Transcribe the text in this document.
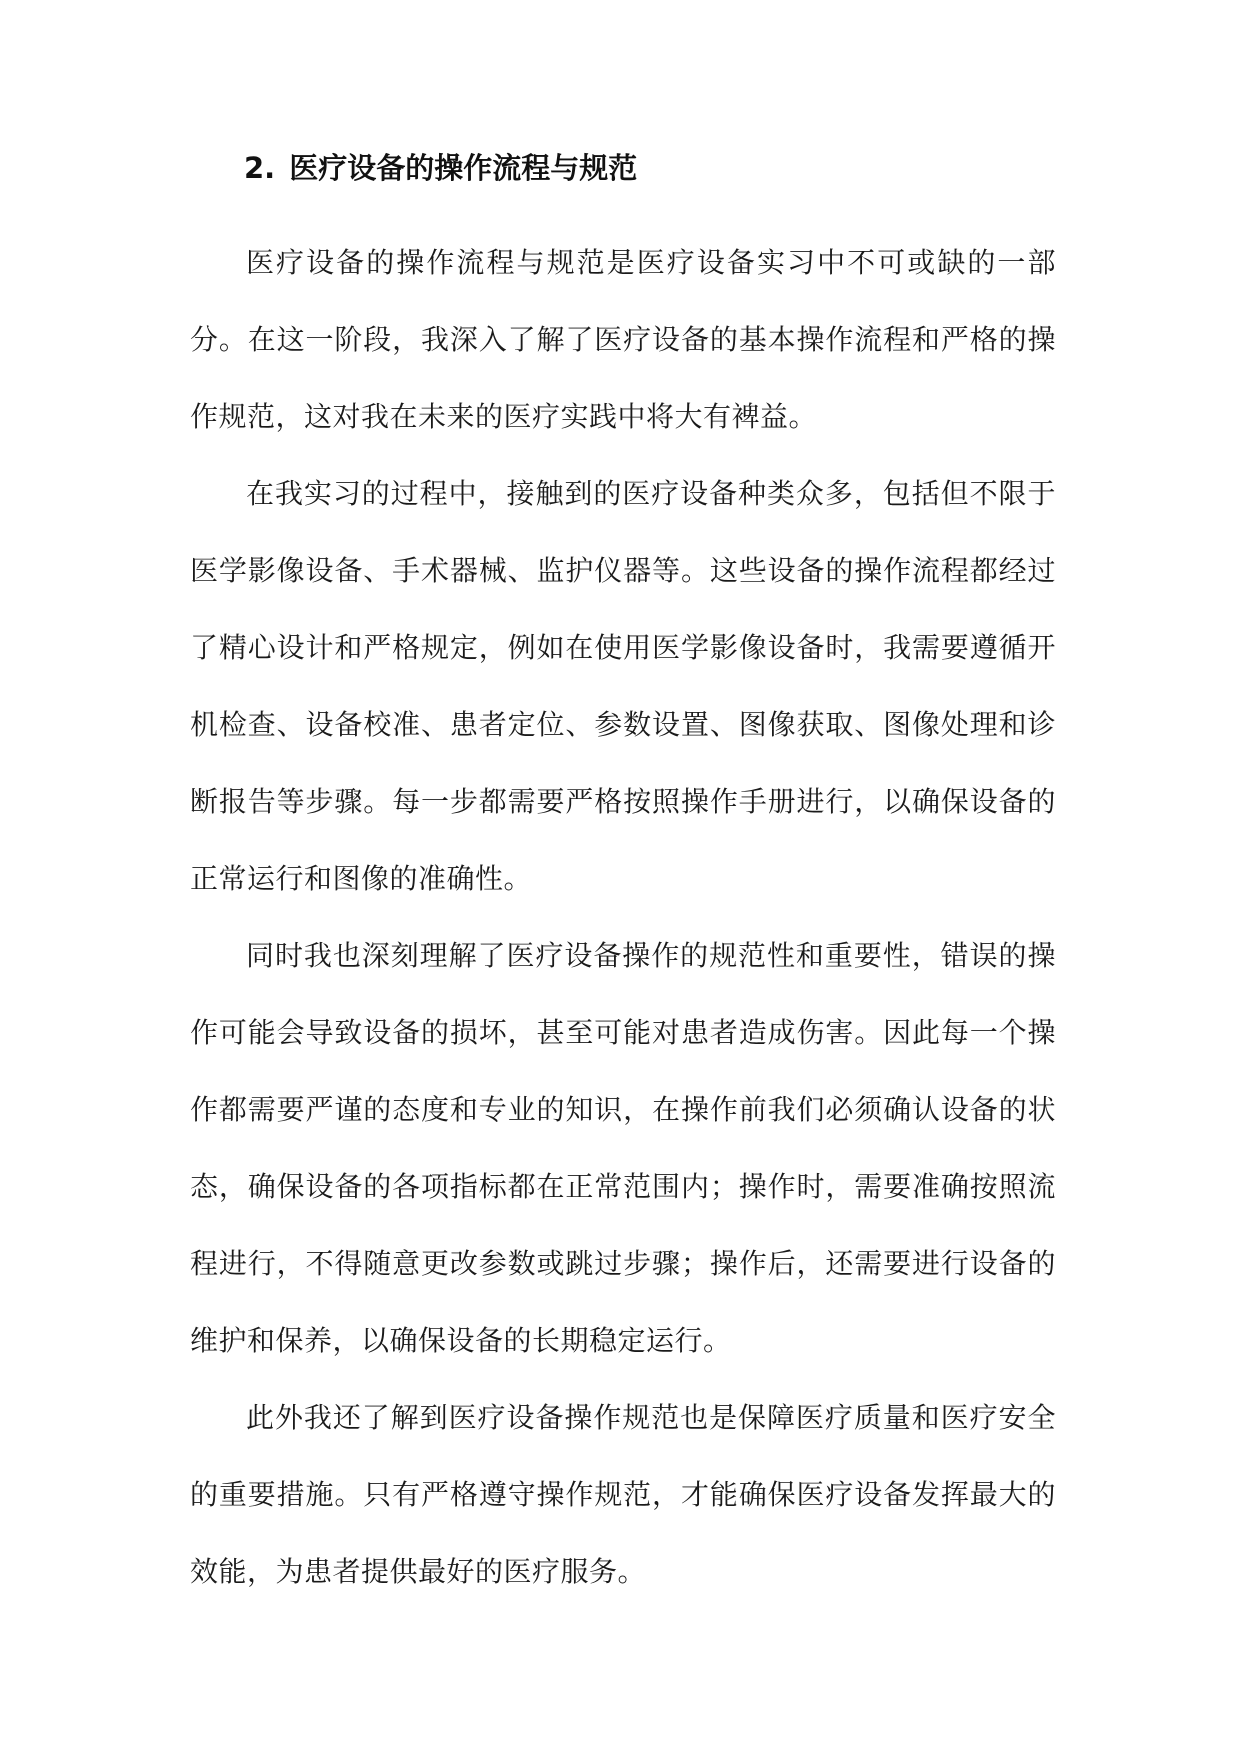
2. 医疗设备的操作流程与规范

医疗设备的操作流程与规范是医疗设备实习中不可或缺的一部分。在这一阶段，我深入了解了医疗设备的基本操作流程和严格的操作规范，这对我在未来的医疗实践中将大有裨益。

在我实习的过程中，接触到的医疗设备种类众多，包括但不限于医学影像设备、手术器械、监护仪器等。这些设备的操作流程都经过了精心设计和严格规定，例如在使用医学影像设备时，我需要遵循开机检查、设备校准、患者定位、参数设置、图像获取、图像处理和诊断报告等步骤。每一步都需要严格按照操作手册进行，以确保设备的正常运行和图像的准确性。

同时我也深刻理解了医疗设备操作的规范性和重要性，错误的操作可能会导致设备的损坏，甚至可能对患者造成伤害。因此每一个操作都需要严谨的态度和专业的知识，在操作前我们必须确认设备的状态，确保设备的各项指标都在正常范围内；操作时，需要准确按照流程进行，不得随意更改参数或跳过步骤；操作后，还需要进行设备的维护和保养，以确保设备的长期稳定运行。

此外我还了解到医疗设备操作规范也是保障医疗质量和医疗安全的重要措施。只有严格遵守操作规范，才能确保医疗设备发挥最大的效能，为患者提供最好的医疗服务。
